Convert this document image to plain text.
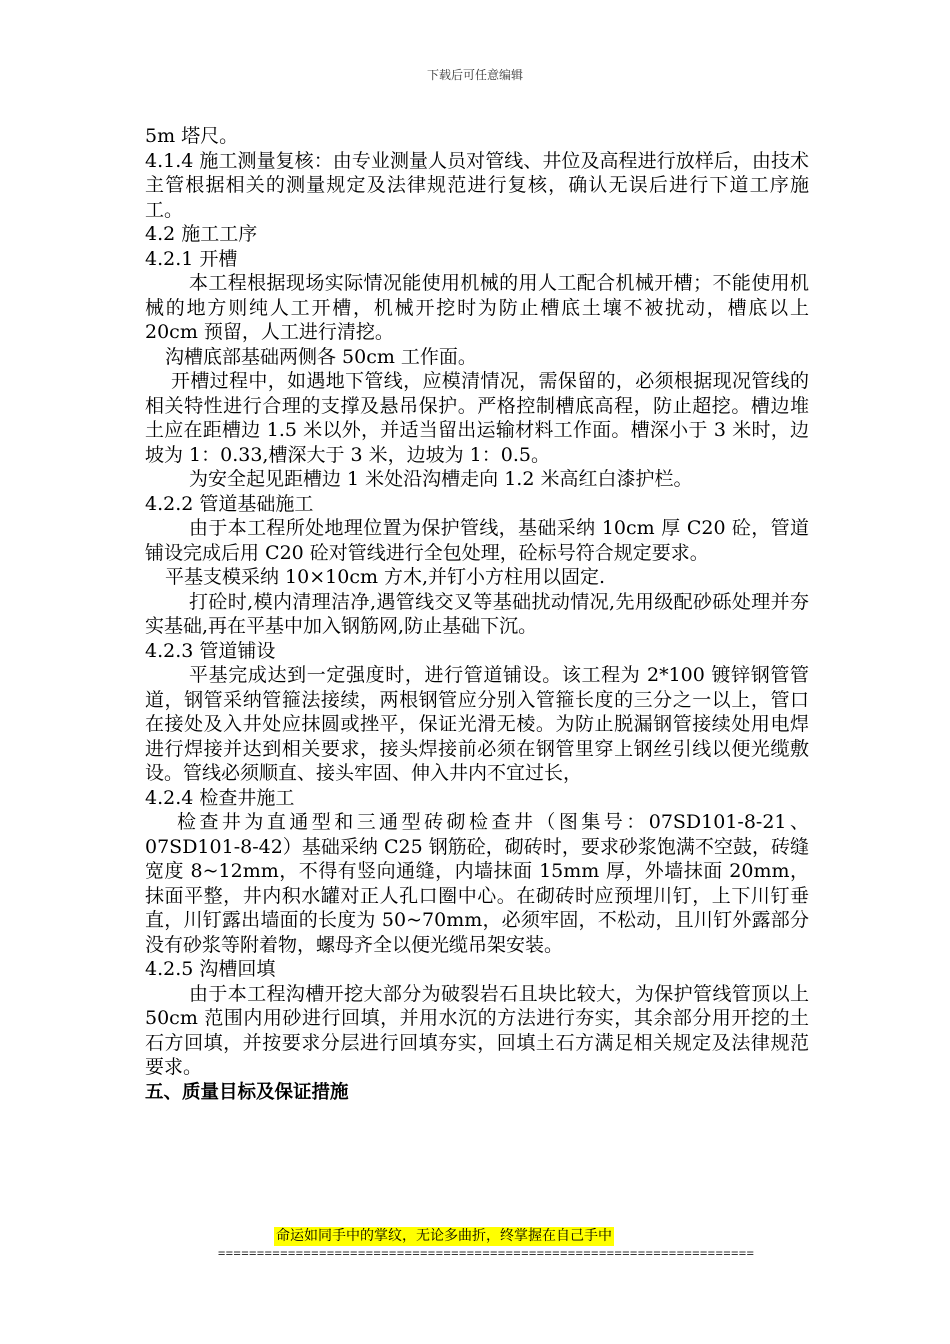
下载后可任意编辑

5m 塔尺。

4.1.4 施工测量复核：由专业测量人员对管线、井位及高程进行放样后，由技术主管根据相关的测量规定及法律规范进行复核，确认无误后进行下道工序施工。

4.2 施工工序

4.2.1 开槽

本工程根据现场实际情况能使用机械的用人工配合机械开槽；不能使用机械的地方则纯人工开槽，机械开挖时为防止槽底土壤不被扰动，槽底以上 20cm 预留，人工进行清挖。

沟槽底部基础两侧各 50cm 工作面。

开槽过程中，如遇地下管线，应模清情况，需保留的，必须根据现况管线的相关特性进行合理的支撑及悬吊保护。严格控制槽底高程，防止超挖。槽边堆土应在距槽边 1.5 米以外，并适当留出运输材料工作面。槽深小于 3 米时，边坡为 1：0.33,槽深大于 3 米，边坡为 1：0.5。

为安全起见距槽边 1 米处沿沟槽走向 1.2 米高红白漆护栏。

4.2.2 管道基础施工

由于本工程所处地理位置为保护管线，基础采纳 10cm 厚 C20 砼，管道铺设完成后用 C20 砼对管线进行全包处理，砼标号符合规定要求。

平基支模采纳 10×10cm 方木,并钉小方柱用以固定.

打砼时,模内清理洁净,遇管线交叉等基础扰动情况,先用级配砂砾处理并夯实基础,再在平基中加入钢筋网,防止基础下沉。

4.2.3 管道铺设

平基完成达到一定强度时，进行管道铺设。该工程为 2*100 镀锌钢管管道，钢管采纳管箍法接续，两根钢管应分别入管箍长度的三分之一以上，管口在接处及入井处应抹圆或挫平，保证光滑无棱。为防止脱漏钢管接续处用电焊进行焊接并达到相关要求，接头焊接前必须在钢管里穿上钢丝引线以便光缆敷设。管线必须顺直、接头牢固、伸入井内不宜过长，

4.2.4 检查井施工

检查井为直通型和三通型砖砌检查井（图集号：07SD101-8-21、07SD101-8-42）基础采纳 C25 钢筋砼，砌砖时，要求砂浆饱满不空鼓，砖缝宽度 8~12mm，不得有竖向通缝，内墙抹面 15mm 厚，外墙抹面 20mm，抹面平整，井内积水罐对正人孔口圈中心。在砌砖时应预埋川钉，上下川钉垂直，川钉露出墙面的长度为 50~70mm，必须牢固，不松动，且川钉外露部分没有砂浆等附着物，螺母齐全以便光缆吊架安装。

4.2.5 沟槽回填

由于本工程沟槽开挖大部分为破裂岩石且块比较大，为保护管线管顶以上 50cm 范围内用砂进行回填，并用水沉的方法进行夯实，其余部分用开挖的土石方回填，并按要求分层进行回填夯实，回填土石方满足相关规定及法律规范要求。

五、质量目标及保证措施

命运如同手中的掌纹，无论多曲折，终掌握在自己手中
=====================================================================
